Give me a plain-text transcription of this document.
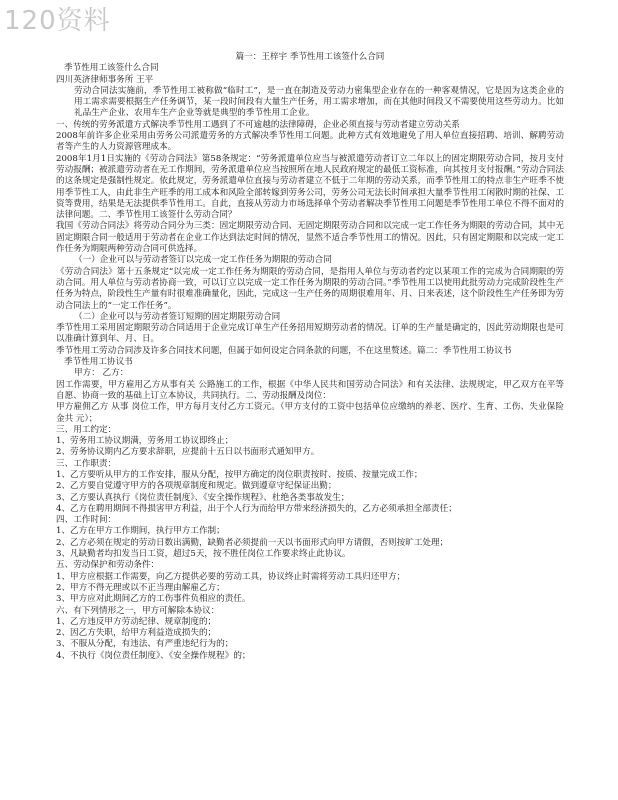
120资料

篇一：王梓宇 季节性用工该签什么合同

季节性用工该签什么合同

四川英济律师事务所 王平

劳动合同法实施前，季节性用工被称做“临时工”，是一直在制造及劳动力密集型企业存在的一种客观情况，它是因为这类企业的用工需求需要根据生产任务调节，某一段时间段有大量生产任务，用工需求增加，而在其他时间段又不需要使用这些劳动力。比如礼品生产企业、农用车生产企业等就是典型的季节性用工企业。

一、传统的劳务派遣方式解决季节性用工遇到了不可逾越的法律障碍，企业必须直接与劳动者建立劳动关系

2008年前许多企业采用由劳务公司派遣劳务的方式解决季节性用工问题。此种方式有效地避免了用人单位直接招聘、培训、解聘劳动者等产生的人力资源管理成本。

2008年1月1日实施的《劳动合同法》第58条规定：“劳务派遣单位应当与被派遣劳动者订立二年以上的固定期限劳动合同，按月支付劳动报酬；被派遣劳动者在无工作期间，劳务派遣单位应当按照所在地人民政府规定的最低工资标准，向其按月支付报酬。”劳动合同法的这条规定是强制性规定。依此规定，劳务派遣单位直接与劳动者建立不低于二年期的劳动关系，而季节性用工的特点非生产旺季不使用季节性工人，由此非生产旺季的用工成本和风险全部转嫁到劳务公司，劳务公司无法长时间承担大量季节性用工闲散时期的社保、工资等费用，结果是无法提供季节性用工。自此，直接从劳动力市场选择单个劳动者解决季节性用工问题是季节性用工单位不得不面对的法律问题。二、季节性用工该签什么劳动合同？

我国《劳动合同法》将劳动合同分为三类：固定期限劳动合同、无固定期限劳动合同和以完成一定工作任务为期限的劳动合同，其中无固定期限合同一般适用于劳动者在企业工作达到法定时间的情况，显然不适合季节性用工的情况。因此，只有固定期限和以完成一定工作任务为期限两种劳动合同可供选择。

（一）企业可以与劳动者签订以完成一定工作任务为期限的劳动合同

《劳动合同法》第十五条规定“以完成一定工作任务为期限的劳动合同，是指用人单位与劳动者约定以某项工作的完成为合同期限的劳动合同。用人单位与劳动者协商一致，可以订立以完成一定工作任务为期限的劳动合同。”季节性用工以使用此批劳动力完成阶段性生产任务为特点，阶段性生产量有时很难准确量化，因此，完成这一生产任务的周期很难用年、月、日来表述，这个阶段性生产任务即为劳动合同法上的“一定工作任务”。

（二）企业可以与劳动者签订短期的固定期限劳动合同

季节性用工采用固定期限劳动合同适用于企业完成订单生产任务招用短期劳动者的情况。订单的生产量是确定的，因此劳动期限也是可以准确计算到年、月、日。

季节性用工劳动合同涉及许多合同技术问题，但属于如何设定合同条款的问题，不在这里赘述。篇二：季节性用工协议书

季节性用工协议书

甲方： 乙方：

因工作需要，甲方雇用乙方从事有关 公路施工的工作，根据《中华人民共和国劳动合同法》和有关法律、法规规定，甲乙双方在平等自愿、协商一致的基础上订立本协议，共同执行。二、劳动报酬及岗位：

甲方雇佣乙方 从事 岗位工作，甲方每月支付乙方工资元。（甲方支付的工资中包括单位应缴纳的养老、医疗、生育、工伤、失业保险金共 元）；

三、用工约定：

1、劳务用工协议期满，劳务用工协议即终止；

2、劳务协议期内乙方要求辞职，应提前十五日以书面形式通知甲方。

三、工作职责：

1、乙方要听从甲方的工作安排，服从分配，按甲方确定的岗位职责按时、按质、按量完成工作；

2、乙方要自觉遵守甲方的各项规章制度和规定。做到遵章守纪保证出勤；

3、乙方要认真执行《岗位责任制度》、《安全操作规程》、杜绝各类事故发生；

4、乙方在聘用期间不得损害甲方利益，出于个人行为而给甲方带来经济损失的，乙方必须承担全部责任；

四、工作时间：

1、乙方在甲方工作期间，执行甲方工作制；

2、乙方必须在规定的劳动日数出满勤，缺勤者必须提前一天以书面形式向甲方请假，否则按旷工处理；

3、凡缺勤者均扣发当日工资，超过5天，按不胜任岗位工作要求终止此协议。

五、劳动保护和劳动条件：

1、甲方应根据工作需要，向乙方提供必要的劳动工具，协议终止时需将劳动工具归还甲方；

2、甲方不得无理或以不正当理由解雇乙方；

3、甲方应对此期间乙方的工伤事件负相应的责任。

六、有下列情形之一，甲方可解除本协议：

1、乙方违反甲方劳动纪律、规章制度的；

2、因乙方失职，给甲方利益造成损失的；

3、不服从分配，有违法、有严重违纪行为的；

4、不执行《岗位责任制度》、《安全操作规程》的；
